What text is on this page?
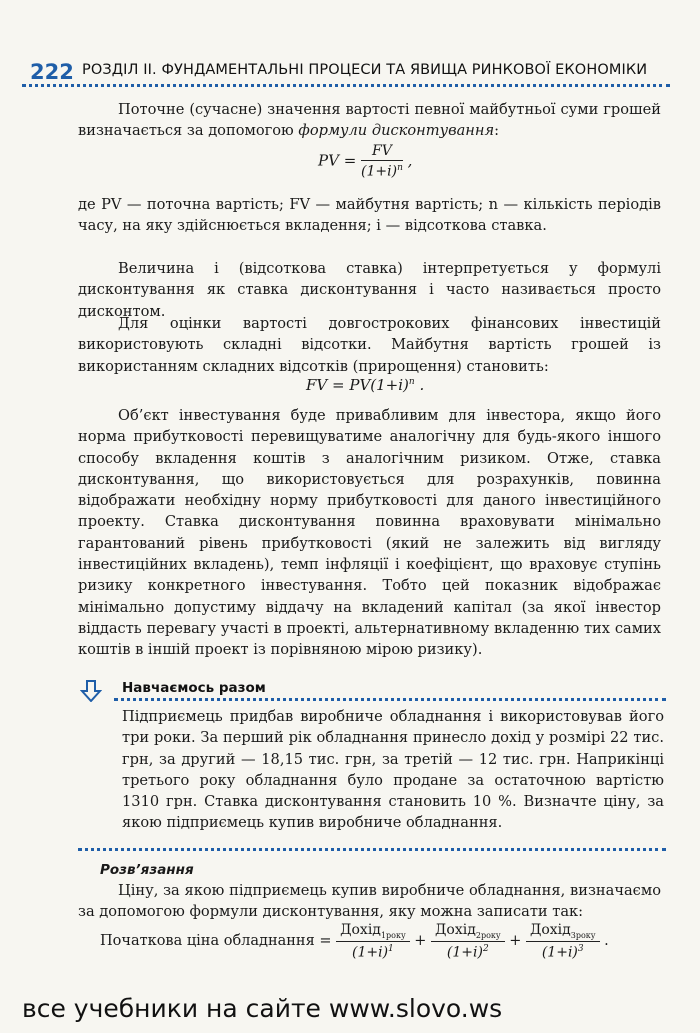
222 РОЗДІЛ ІІ. ФУНДАМЕНТАЛЬНІ ПРОЦЕСИ ТА ЯВИЩА РИНКОВОЇ ЕКОНОМІКИ

Поточне (сучасне) значення вартості певної майбутньої суми грошей визначається за допомогою формули дисконтування:

PV = $\frac{FV}{(1+i)^n}$ ,

де PV — поточна вартість; FV — майбутня вартість; n — кількість періодів часу, на яку здійснюється вкладення; i — відсоткова ставка.

Величина i (відсоткова ставка) інтерпретується у формулі дисконтування як ставка дисконтування і часто називається просто дисконтом.

Для оцінки вартості довгострокових фінансових інвестицій використовують складні відсотки. Майбутня вартість грошей із використанням складних відсотків (прирощення) становить:

FV = $PV(1+i)^n$ .

Об’єкт інвестування буде привабливим для інвестора, якщо його норма прибутковості перевищуватиме аналогічну для будь-якого іншого способу вкладення коштів з аналогічним ризиком. Отже, ставка дисконтування, що використовується для розрахунків, повинна відображати необхідну норму прибутковості для даного інвестиційного проекту. Ставка дисконтування повинна враховувати мінімально гарантований рівень прибутковості (який не залежить від вигляду інвестиційних вкладень), темп інфляції і коефіцієнт, що враховує ступінь ризику конкретного інвестування. Тобто цей показник відображає мінімально допустиму віддачу на вкладений капітал (за якої інвестор віддасть перевагу участі в проекті, альтернативному вкладенню тих самих коштів в іншій проект із порівняною мірою ризику).

Навчаємось разом
Підприємець придбав виробниче обладнання і використовував його три роки. За перший рік обладнання принесло дохід у розмірі 22 тис. грн, за другий — 18,15 тис. грн, за третій — 12 тис. грн. Наприкінці третього року обладнання було продане за остаточною вартістю 1310 грн. Ставка дисконтування становить 10 %. Визначте ціну, за якою підприємець купив виробниче обладнання.
Розв’язання

Ціну, за якою підприємець купив виробниче обладнання, визначаємо за допомогою формули дисконтування, яку можна записати так:

Початкова ціна обладнання = $\frac{Дохід_{1року}}{(1+i)^1} + \frac{Дохід_{2року}}{(1+i)^2} + \frac{Дохід_{3року}}{(1+i)^3}$ .
все учебники на сайте www.slovo.ws
